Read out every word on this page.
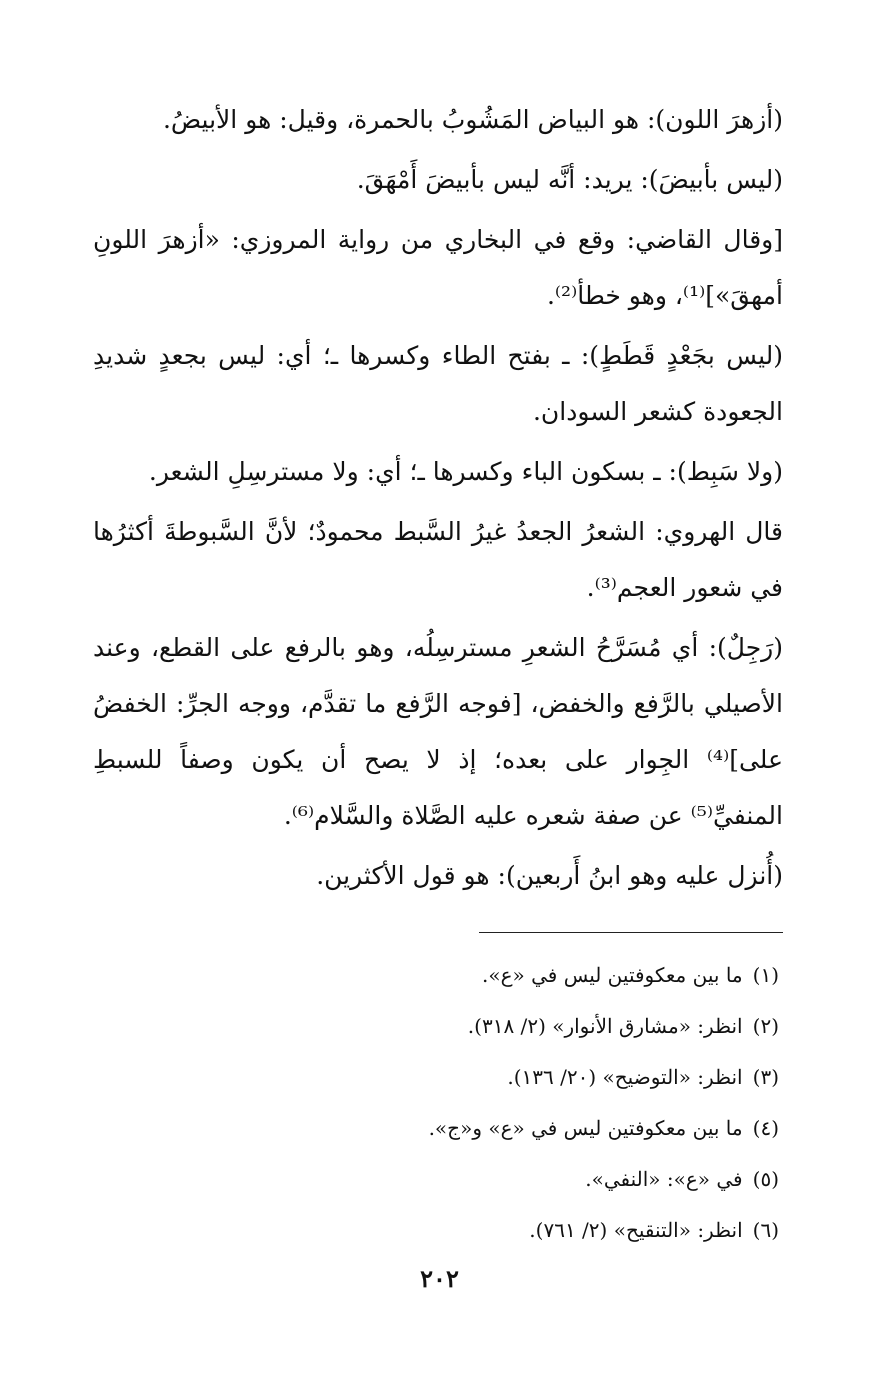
(أزهرَ اللون): هو البياض المَشُوبُ بالحمرة، وقيل: هو الأبيضُ.

(ليس بأبيضَ): يريد: أنَّه ليس بأبيضَ أَمْهَقَ.

[وقال القاضي: وقع في البخاري من رواية المروزي: «أزهرَ اللونِ أمهقَ»]⁽¹⁾، وهو خطأ⁽²⁾.

(ليس بجَعْدٍ قَطَطٍ): ـ بفتح الطاء وكسرها ـ؛ أي: ليس بجعدٍ شديدِ الجعودة كشعر السودان.

(ولا سَبِط): ـ بسكون الباء وكسرها ـ؛ أي: ولا مسترسِلِ الشعر.

قال الهروي: الشعرُ الجعدُ غيرُ السَّبط محمودٌ؛ لأنَّ السَّبوطةَ أكثرُها في شعور العجم⁽³⁾.

(رَجِلٌ): أي مُسَرَّحُ الشعرِ مسترسِلُه، وهو بالرفع على القطع، وعند الأصيلي بالرَّفع والخفض، [فوجه الرَّفع ما تقدَّم، ووجه الجرِّ: الخفضُ على]⁽⁴⁾ الجِوار على بعده؛ إذ لا يصح أن يكون وصفاً للسبطِ المنفيِّ⁽⁵⁾ عن صفة شعره عليه الصَّلاة والسَّلام⁽⁶⁾.

(أُنزل عليه وهو ابنُ أَربعين): هو قول الأكثرين.

(١)ما بين معكوفتين ليس في «ع».
(٢)انظر: «مشارق الأنوار» (٢/ ٣١٨).
(٣)انظر: «التوضيح» (٢٠/ ١٣٦).
(٤)ما بين معكوفتين ليس في «ع» و«ج».
(٥)في «ع»: «النفي».
(٦)انظر: «التنقيح» (٢/ ٧٦١).
٢٠٢
